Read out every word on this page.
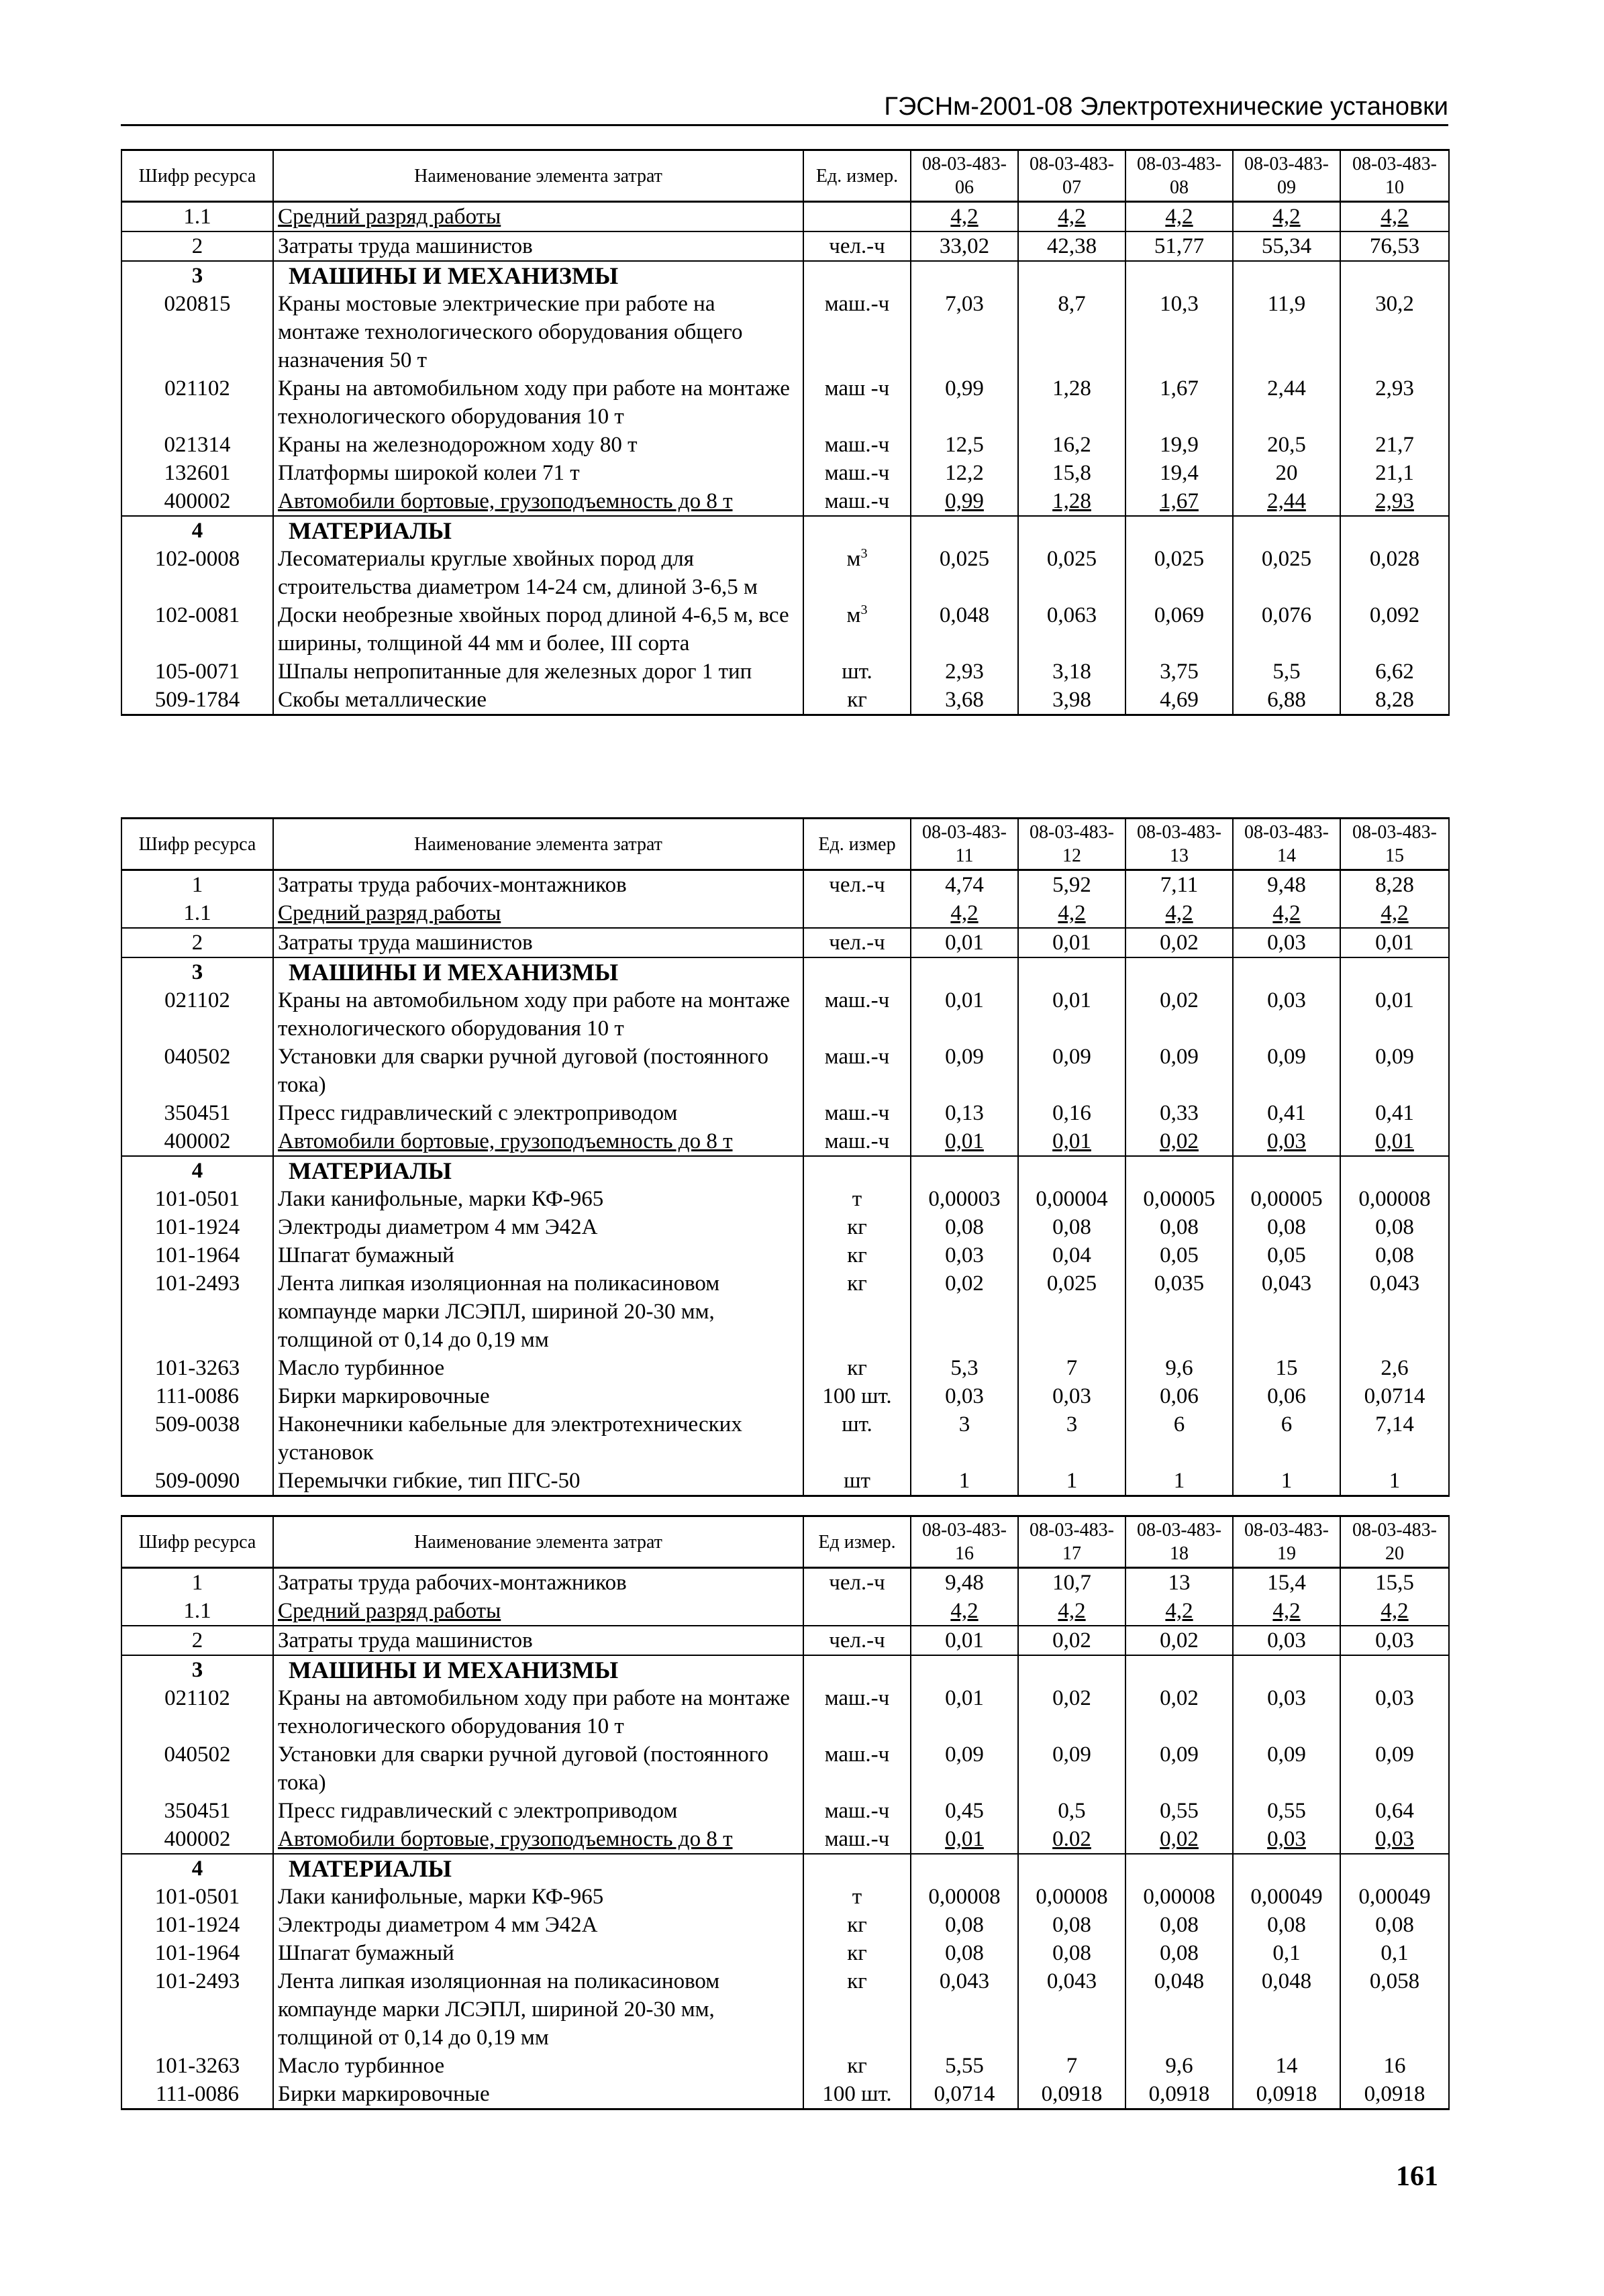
ГЭСНм-2001-08 Электротехнические установки
Шифр ресурса	Наименование элемента затрат	Ед. измер.	08-03-483-06	08-03-483-07	08-03-483-08	08-03-483-09	08-03-483-10
1.1	Средний разряд работы		4,2	4,2	4,2	4,2	4,2
2	Затраты труда машинистов	чел.-ч	33,02	42,38	51,77	55,34	76,53
3	МАШИНЫ И МЕХАНИЗМЫ						
020815	Краны мостовые электрические при работе на монтаже технологического оборудования общего назначения 50 т	маш.-ч	7,03	8,7	10,3	11,9	30,2
021102	Краны на автомобильном ходу при работе на монтаже технологического оборудования 10 т	маш -ч	0,99	1,28	1,67	2,44	2,93
021314	Краны на железнодорожном ходу 80 т	маш.-ч	12,5	16,2	19,9	20,5	21,7
132601	Платформы широкой колеи 71 т	маш.-ч	12,2	15,8	19,4	20	21,1
400002	Автомобили бортовые, грузоподъемность до 8 т	маш.-ч	0,99	1,28	1,67	2,44	2,93
4	МАТЕРИАЛЫ						
102-0008	Лесоматериалы круглые хвойных пород для строительства диаметром 14-24 см, длиной 3-6,5 м	$м^3$	0,025	0,025	0,025	0,025	0,028
102-0081	Доски необрезные хвойных пород длиной 4-6,5 м, все ширины, толщиной 44 мм и более, III сорта	$м^3$	0,048	0,063	0,069	0,076	0,092
105-0071	Шпалы непропитанные для железных дорог 1 тип	шт.	2,93	3,18	3,75	5,5	6,62
509-1784	Скобы металлические	кг	3,68	3,98	4,69	6,88	8,28
Шифр ресурса	Наименование элемента затрат	Ед. измер	08-03-483-11	08-03-483-12	08-03-483-13	08-03-483-14	08-03-483-15
1	Затраты труда рабочих-монтажников	чел.-ч	4,74	5,92	7,11	9,48	8,28
1.1	Средний разряд работы		4,2	4,2	4,2	4,2	4,2
2	Затраты труда машинистов	чел.-ч	0,01	0,01	0,02	0,03	0,01
3	МАШИНЫ И МЕХАНИЗМЫ						
021102	Краны на автомобильном ходу при работе на монтаже технологического оборудования 10 т	маш.-ч	0,01	0,01	0,02	0,03	0,01
040502	Установки для сварки ручной дуговой (постоянного тока)	маш.-ч	0,09	0,09	0,09	0,09	0,09
350451	Пресс гидравлический с электроприводом	маш.-ч	0,13	0,16	0,33	0,41	0,41
400002	Автомобили бортовые, грузоподъемность до 8 т	маш.-ч	0,01	0,01	0,02	0,03	0,01
4	МАТЕРИАЛЫ						
101-0501	Лаки канифольные, марки КФ-965	т	0,00003	0,00004	0,00005	0,00005	0,00008
101-1924	Электроды диаметром 4 мм Э42А	кг	0,08	0,08	0,08	0,08	0,08
101-1964	Шпагат бумажный	кг	0,03	0,04	0,05	0,05	0,08
101-2493	Лента липкая изоляционная на поликасиновом компаунде марки ЛСЭПЛ, шириной 20-30 мм, толщиной от 0,14 до 0,19 мм	кг	0,02	0,025	0,035	0,043	0,043
101-3263	Масло турбинное	кг	5,3	7	9,6	15	2,6
111-0086	Бирки маркировочные	100 шт.	0,03	0,03	0,06	0,06	0,0714
509-0038	Наконечники кабельные для электротехнических установок	шт.	3	3	6	6	7,14
509-0090	Перемычки гибкие, тип ПГС-50	шт	1	1	1	1	1
Шифр ресурса	Наименование элемента затрат	Ед измер.	08-03-483-16	08-03-483-17	08-03-483-18	08-03-483-19	08-03-483-20
1	Затраты труда рабочих-монтажников	чел.-ч	9,48	10,7	13	15,4	15,5
1.1	Средний разряд работы		4,2	4,2	4,2	4,2	4,2
2	Затраты труда машинистов	чел.-ч	0,01	0,02	0,02	0,03	0,03
3	МАШИНЫ И МЕХАНИЗМЫ						
021102	Краны на автомобильном ходу при работе на монтаже технологического оборудования 10 т	маш.-ч	0,01	0,02	0,02	0,03	0,03
040502	Установки для сварки ручной дуговой (постоянного тока)	маш.-ч	0,09	0,09	0,09	0,09	0,09
350451	Пресс гидравлический с электроприводом	маш.-ч	0,45	0,5	0,55	0,55	0,64
400002	Автомобили бортовые, грузоподъемность до 8 т	маш.-ч	0,01	0.02	0,02	0,03	0,03
4	МАТЕРИАЛЫ						
101-0501	Лаки канифольные, марки КФ-965	т	0,00008	0,00008	0,00008	0,00049	0,00049
101-1924	Электроды диаметром 4 мм Э42А	кг	0,08	0,08	0,08	0,08	0,08
101-1964	Шпагат бумажный	кг	0,08	0,08	0,08	0,1	0,1
101-2493	Лента липкая изоляционная на поликасиновом компаунде марки ЛСЭПЛ, шириной 20-30 мм, толщиной от 0,14 до 0,19 мм	кг	0,043	0,043	0,048	0,048	0,058
101-3263	Масло турбинное	кг	5,55	7	9,6	14	16
111-0086	Бирки маркировочные	100 шт.	0,0714	0,0918	0,0918	0,0918	0,0918
161
